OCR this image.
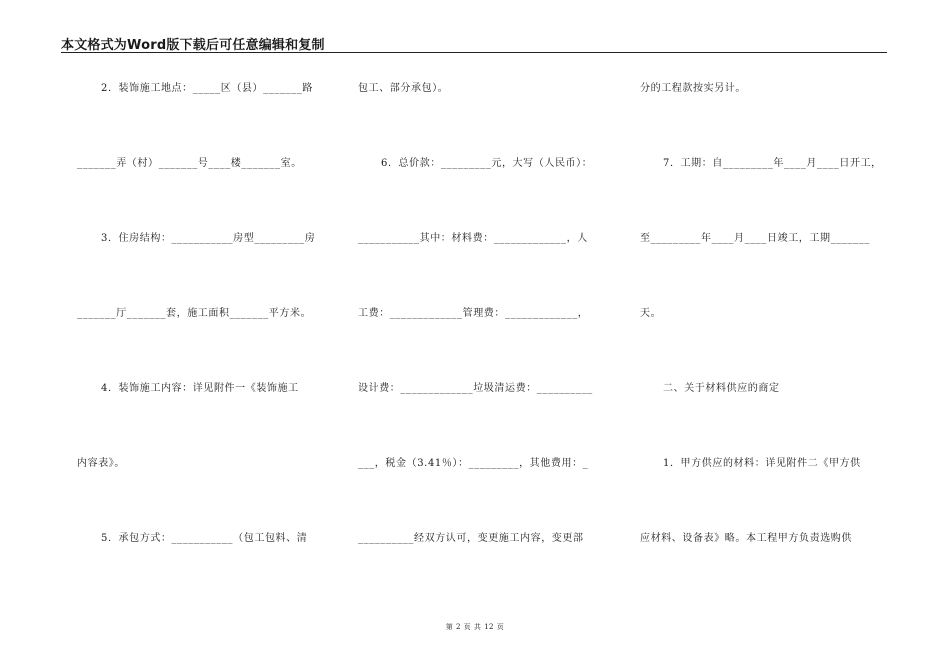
本文格式为Word版下载后可任意编辑和复制
2．装饰施工地点：_____区（县）_______路
_______弄（村）_______号____楼_______室。
3．住房结构：___________房型_________房
_______厅_______套，施工面积_______平方米。
4．装饰施工内容：详见附件一《装饰施工
内容表》。
5．承包方式：___________（包工包料、清
包工、部分承包）。
6．总价款：_________元，大写（人民币）：
___________其中：材料费：_____________，人
工费：_____________管理费：_____________，
设计费：_____________垃圾清运费：__________
___，税金（3.41％）：_________，其他费用：_
__________经双方认可，变更施工内容，变更部
分的工程款按实另计。
7．工期：自_________年____月____日开工，
至_________年____月____日竣工，工期_______
天。
二、关于材料供应的商定
1．甲方供应的材料：详见附件二《甲方供
应材料、设备表》略。本工程甲方负责选购供
第 2 页 共 12 页
